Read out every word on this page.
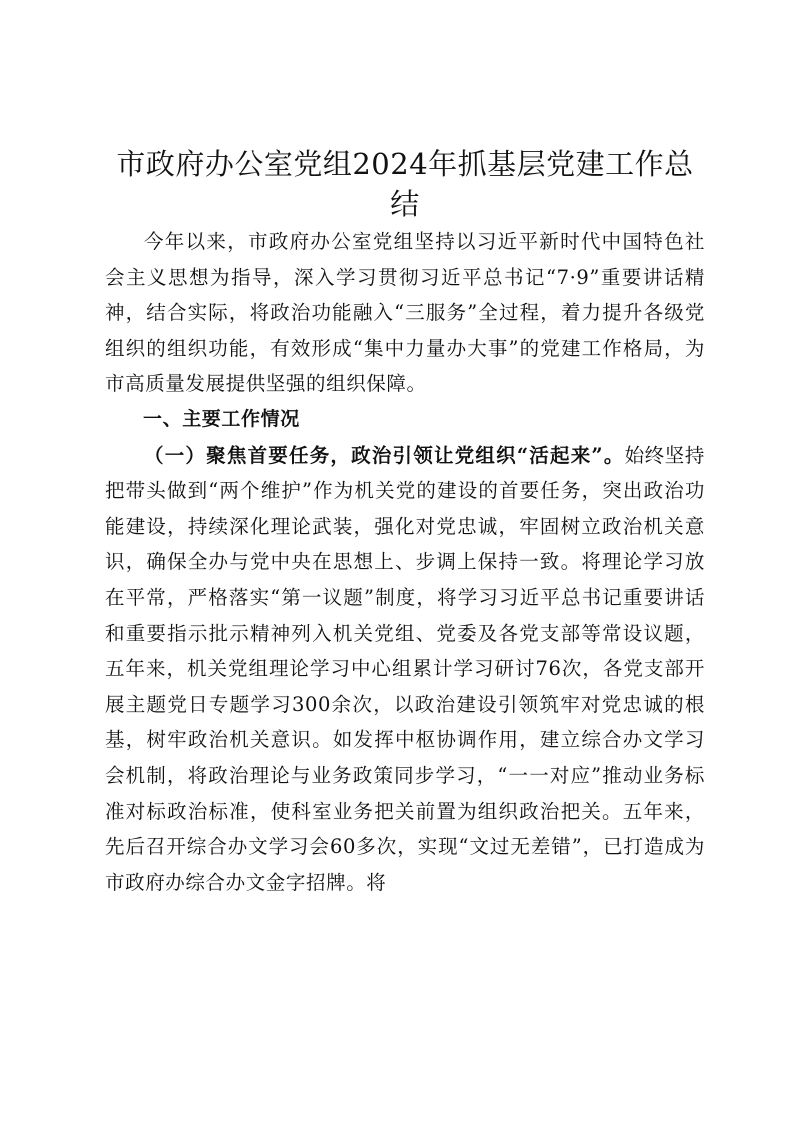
市政府办公室党组2024年抓基层党建工作总结

今年以来，市政府办公室党组坚持以习近平新时代中国特色社会主义思想为指导，深入学习贯彻习近平总书记“7·9”重要讲话精神，结合实际，将政治功能融入“三服务”全过程，着力提升各级党组织的组织功能，有效形成“集中力量办大事”的党建工作格局，为市高质量发展提供坚强的组织保障。

一、主要工作情况

（一）聚焦首要任务，政治引领让党组织“活起来”。始终坚持把带头做到“两个维护”作为机关党的建设的首要任务，突出政治功能建设，持续深化理论武装，强化对党忠诚，牢固树立政治机关意识，确保全办与党中央在思想上、步调上保持一致。将理论学习放在平常，严格落实“第一议题”制度，将学习习近平总书记重要讲话和重要指示批示精神列入机关党组、党委及各党支部等常设议题，五年来，机关党组理论学习中心组累计学习研讨76次，各党支部开展主题党日专题学习300余次，以政治建设引领筑牢对党忠诚的根基，树牢政治机关意识。如发挥中枢协调作用，建立综合办文学习会机制，将政治理论与业务政策同步学习，“一一对应”推动业务标准对标政治标准，使科室业务把关前置为组织政治把关。五年来，先后召开综合办文学习会60多次，实现“文过无差错”，已打造成为市政府办综合办文金字招牌。将
